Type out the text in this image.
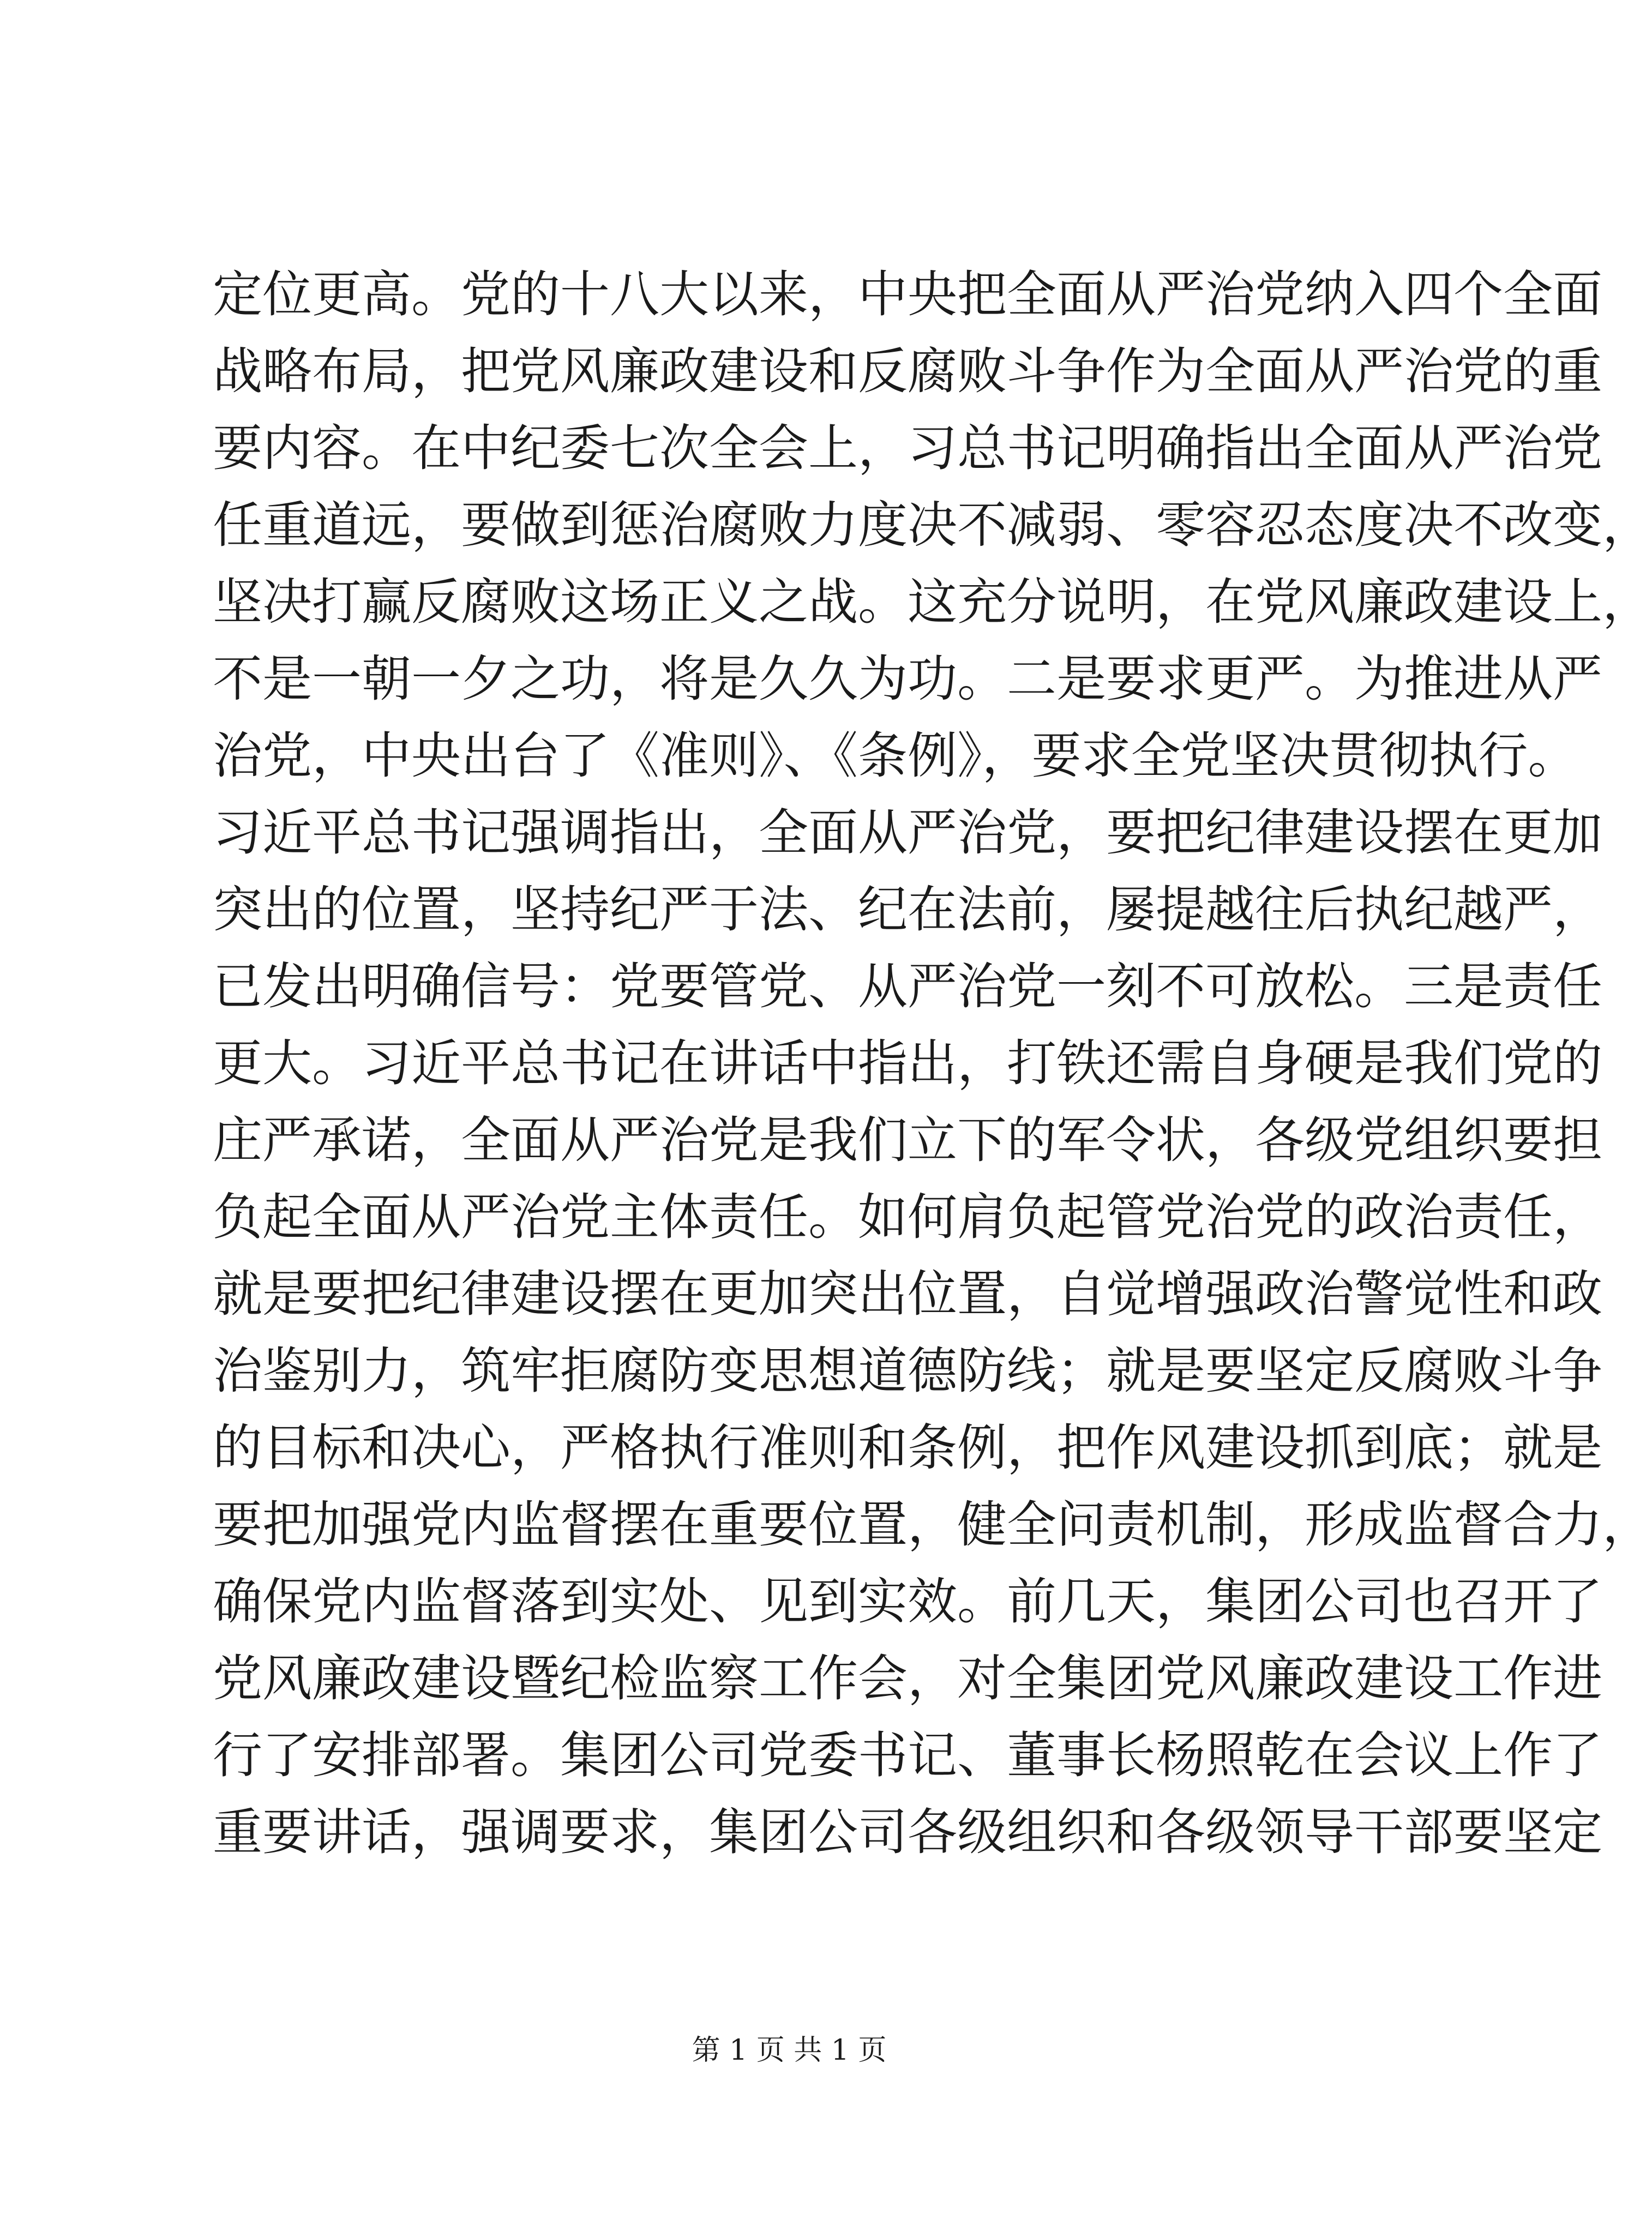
定位更高。党的十八大以来，中央把全面从严治党纳入四个全面
战略布局，把党风廉政建设和反腐败斗争作为全面从严治党的重
要内容。在中纪委七次全会上，习总书记明确指出全面从严治党
任重道远，要做到惩治腐败力度决不减弱、零容忍态度决不改变，
坚决打赢反腐败这场正义之战。这充分说明，在党风廉政建设上，
不是一朝一夕之功，将是久久为功。二是要求更严。为推进从严
治党，中央出台了《准则》、《条例》，要求全党坚决贯彻执行。
习近平总书记强调指出，全面从严治党，要把纪律建设摆在更加
突出的位置，坚持纪严于法、纪在法前，屡提越往后执纪越严，
已发出明确信号：党要管党、从严治党一刻不可放松。三是责任
更大。习近平总书记在讲话中指出，打铁还需自身硬是我们党的
庄严承诺，全面从严治党是我们立下的军令状，各级党组织要担
负起全面从严治党主体责任。如何肩负起管党治党的政治责任，
就是要把纪律建设摆在更加突出位置，自觉增强政治警觉性和政
治鉴别力，筑牢拒腐防变思想道德防线；就是要坚定反腐败斗争
的目标和决心，严格执行准则和条例，把作风建设抓到底；就是
要把加强党内监督摆在重要位置，健全问责机制，形成监督合力，
确保党内监督落到实处、见到实效。前几天，集团公司也召开了
党风廉政建设暨纪检监察工作会，对全集团党风廉政建设工作进
行了安排部署。集团公司党委书记、董事长杨照乾在会议上作了
重要讲话，强调要求，集团公司各级组织和各级领导干部要坚定
第 1 页 共 1 页
